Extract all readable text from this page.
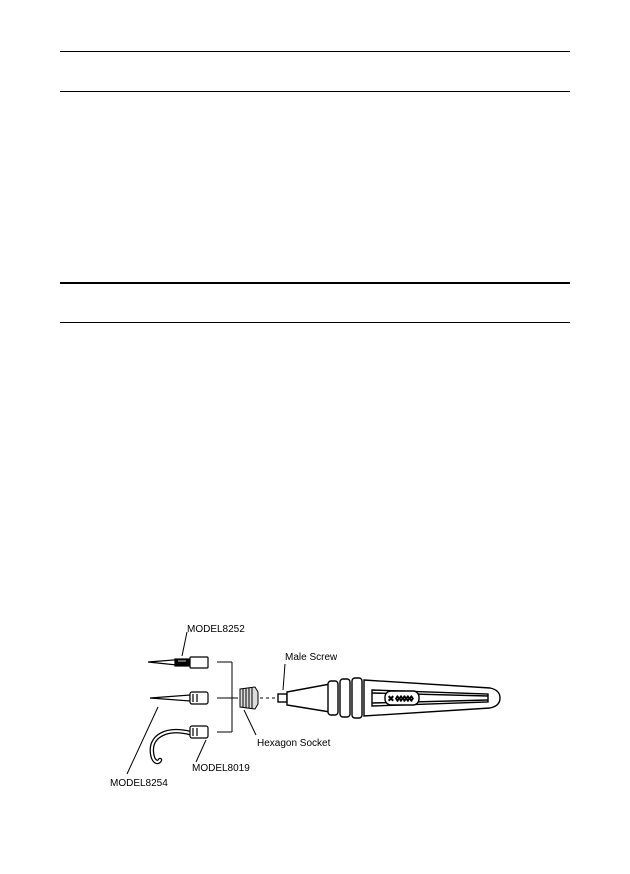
✕ ◊◊◊◊◊
MODEL8252
Male Screw
Hexagon Socket
MODEL8019
MODEL8254
